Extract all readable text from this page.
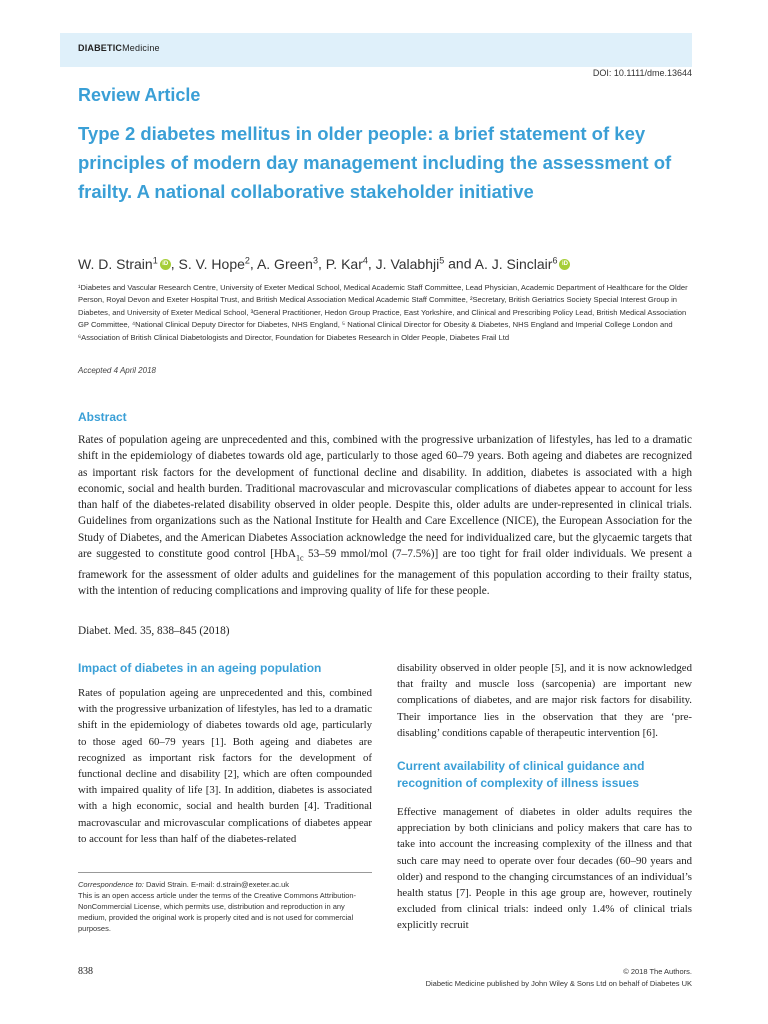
DIABETICMedicine
DOI: 10.1111/dme.13644
Review Article
Type 2 diabetes mellitus in older people: a brief statement of key principles of modern day management including the assessment of frailty. A national collaborative stakeholder initiative
W. D. Strain$^1$ iD , S. V. Hope$^2$, A. Green$^3$, P. Kar$^4$, J. Valabhji$^5$ and A. J. Sinclair$^6$ iD
¹Diabetes and Vascular Research Centre, University of Exeter Medical School, Medical Academic Staff Committee, Lead Physician, Academic Department of Healthcare for the Older Person, Royal Devon and Exeter Hospital Trust, and British Medical Association Medical Academic Staff Committee, ²Secretary, British Geriatrics Society Special Interest Group in Diabetes, and University of Exeter Medical School, ³General Practitioner, Hedon Group Practice, East Yorkshire, and Clinical and Prescribing Policy Lead, British Medical Association GP Committee, ⁴National Clinical Deputy Director for Diabetes, NHS England, ⁵ National Clinical Director for Obesity & Diabetes, NHS England and Imperial College London and ⁶Association of British Clinical Diabetologists and Director, Foundation for Diabetes Research in Older People, Diabetes Frail Ltd
Accepted 4 April 2018
Abstract
Rates of population ageing are unprecedented and this, combined with the progressive urbanization of lifestyles, has led to a dramatic shift in the epidemiology of diabetes towards old age, particularly to those aged 60–79 years. Both ageing and diabetes are recognized as important risk factors for the development of functional decline and disability. In addition, diabetes is associated with a high economic, social and health burden. Traditional macrovascular and microvascular complications of diabetes appear to account for less than half of the diabetes-related disability observed in older people. Despite this, older adults are under-represented in clinical trials. Guidelines from organizations such as the National Institute for Health and Care Excellence (NICE), the European Association for the Study of Diabetes, and the American Diabetes Association acknowledge the need for individualized care, but the glycaemic targets that are suggested to constitute good control [HbA$_{1c}$ 53–59 mmol/mol (7–7.5%)] are too tight for frail older individuals. We present a framework for the assessment of older adults and guidelines for the management of this population according to their frailty status, with the intention of reducing complications and improving quality of life for these people.
Diabet. Med. 35, 838–845 (2018)
Impact of diabetes in an ageing population

Rates of population ageing are unprecedented and this, combined with the progressive urbanization of lifestyles, has led to a dramatic shift in the epidemiology of diabetes towards old age, particularly to those aged 60–79 years [1]. Both ageing and diabetes are recognized as important risk factors for the development of functional decline and disability [2], which are often compounded with impaired quality of life [3]. In addition, diabetes is associated with a high economic, social and health burden [4]. Traditional macrovascular and microvascular complications of diabetes appear to account for less than half of the diabetes-related

disability observed in older people [5], and it is now acknowledged that frailty and muscle loss (sarcopenia) are important new complications of diabetes, and are major risk factors for disability. Their importance lies in the observation that they are ‘pre-disabling’ conditions capable of therapeutic intervention [6].

Current availability of clinical guidance and recognition of complexity of illness issues

Effective management of diabetes in older adults requires the appreciation by both clinicians and policy makers that care has to take into account the increasing complexity of the illness and that such care may need to operate over four decades (60–90 years and older) and respond to the changing circumstances of an individual’s health status [7]. People in this age group are, however, routinely excluded from clinical trials: indeed only 1.4% of clinical trials explicitly recruit

Correspondence to: David Strain. E-mail: d.strain@exeter.ac.uk
This is an open access article under the terms of the Creative Commons Attribution-NonCommercial License, which permits use, distribution and reproduction in any medium, provided the original work is properly cited and is not used for commercial purposes.
838	© 2018 The Authors.
Diabetic Medicine published by John Wiley & Sons Ltd on behalf of Diabetes UK
